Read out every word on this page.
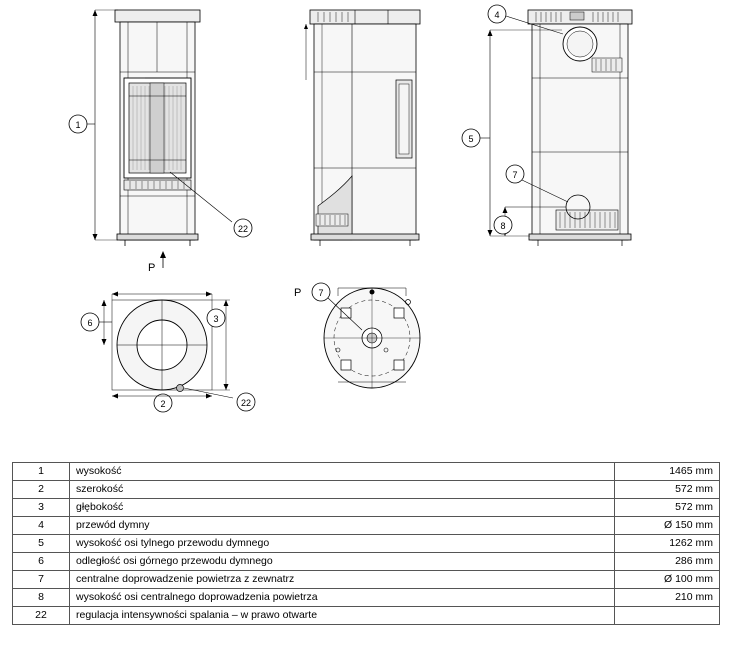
1
22
P
5
4
7
8
6	3
2	22
7
P
1	wysokość	1465 mm
2	szerokość	572 mm
3	głębokość	572 mm
4	przewód dymny	Ø 150 mm
5	wysokość osi tylnego przewodu dymnego	1262 mm
6	odległość osi górnego przewodu dymnego	286 mm
7	centralne doprowadzenie powietrza z zewnatrz	Ø 100 mm
8	wysokość osi centralnego doprowadzenia powietrza	210 mm
22	regulacja intensywności spalania – w prawo otwarte	
